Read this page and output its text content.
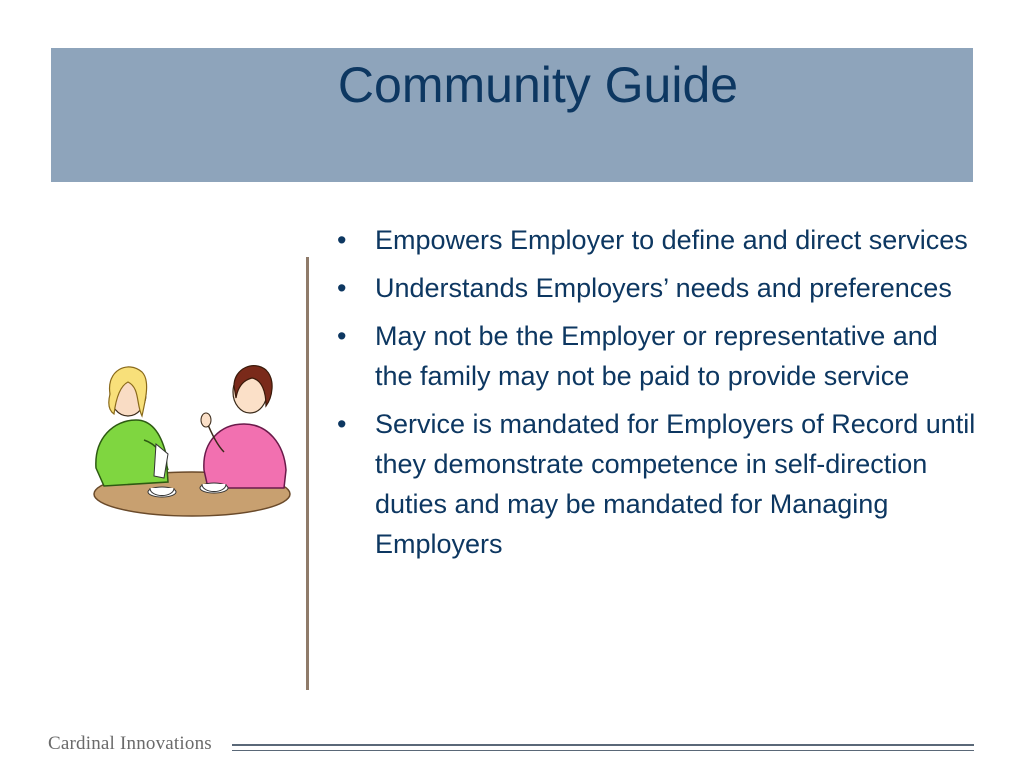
Community Guide
• Empowers Employer to define and direct services
• Understands Employers’ needs and preferences
• May not be the Employer or representative and the family may not be paid to provide service
• Service is mandated for Employers of Record until they demonstrate competence in self-direction duties and may be mandated for Managing Employers
Cardinal Innovations
